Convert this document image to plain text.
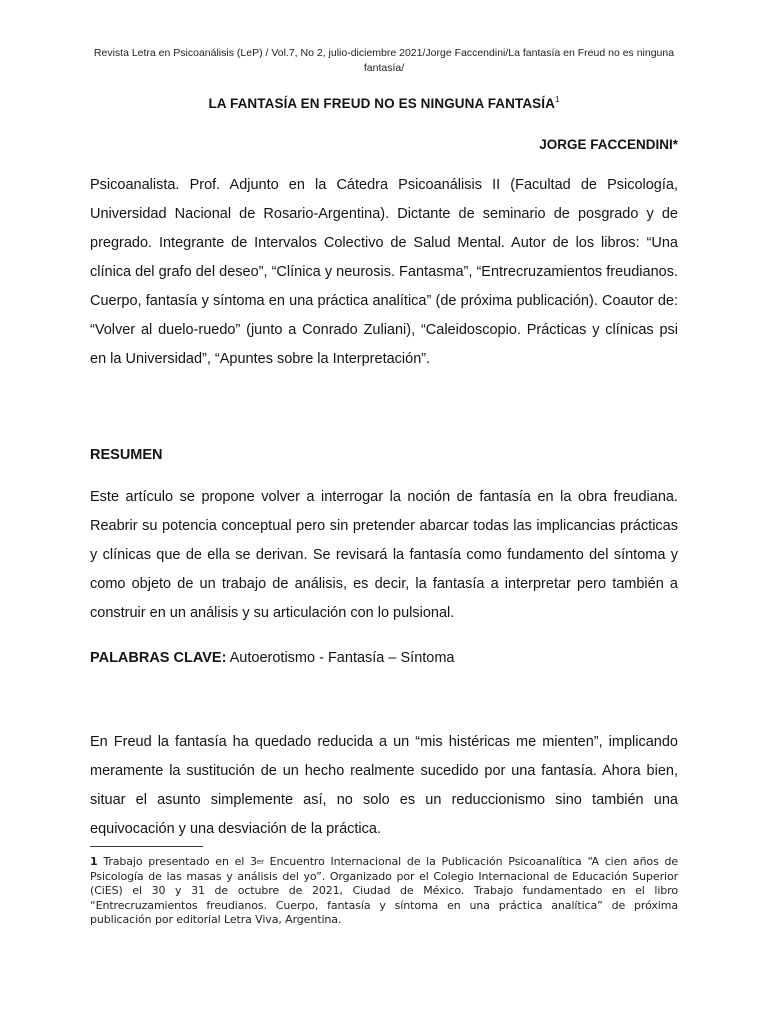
Revista Letra en Psicoanálisis (LeP) / Vol.7, No 2, julio-diciembre 2021/Jorge Faccendini/La fantasía en Freud no es ninguna fantasía/
LA FANTASÍA EN FREUD NO ES NINGUNA FANTASÍA$^1$
JORGE FACCENDINI*
Psicoanalista. Prof. Adjunto en la Cátedra Psicoanálisis II (Facultad de Psicología, Universidad Nacional de Rosario-Argentina). Dictante de seminario de posgrado y de pregrado. Integrante de Intervalos Colectivo de Salud Mental. Autor de los libros: “Una clínica del grafo del deseo”, “Clínica y neurosis. Fantasma”, “Entrecruzamientos freudianos. Cuerpo, fantasía y síntoma en una práctica analítica” (de próxima publicación). Coautor de: “Volver al duelo-ruedo” (junto a Conrado Zuliani), “Caleidoscopio. Prácticas y clínicas psi en la Universidad”, “Apuntes sobre la Interpretación”.
RESUMEN
Este artículo se propone volver a interrogar la noción de fantasía en la obra freudiana. Reabrir su potencia conceptual pero sin pretender abarcar todas las implicancias prácticas y clínicas que de ella se derivan. Se revisará la fantasía como fundamento del síntoma y como objeto de un trabajo de análisis, es decir, la fantasía a interpretar pero también a construir en un análisis y su articulación con lo pulsional.
PALABRAS CLAVE: Autoerotismo - Fantasía – Síntoma
En Freud la fantasía ha quedado reducida a un “mis histéricas me mienten”, implicando meramente la sustitución de un hecho realmente sucedido por una fantasía. Ahora bien, situar el asunto simplemente así, no solo es un reduccionismo sino también una equivocación y una desviación de la práctica.
1 Trabajo presentado en el 3er Encuentro Internacional de la Publicación Psicoanalítica “A cien años de Psicología de las masas y análisis del yo”. Organizado por el Colegio Internacional de Educación Superior (CiES) el 30 y 31 de octubre de 2021, Ciudad de México. Trabajo fundamentado en el libro “Entrecruzamientos freudianos. Cuerpo, fantasía y síntoma en una práctica analítica” de próxima publicación por editorial Letra Viva, Argentina.
